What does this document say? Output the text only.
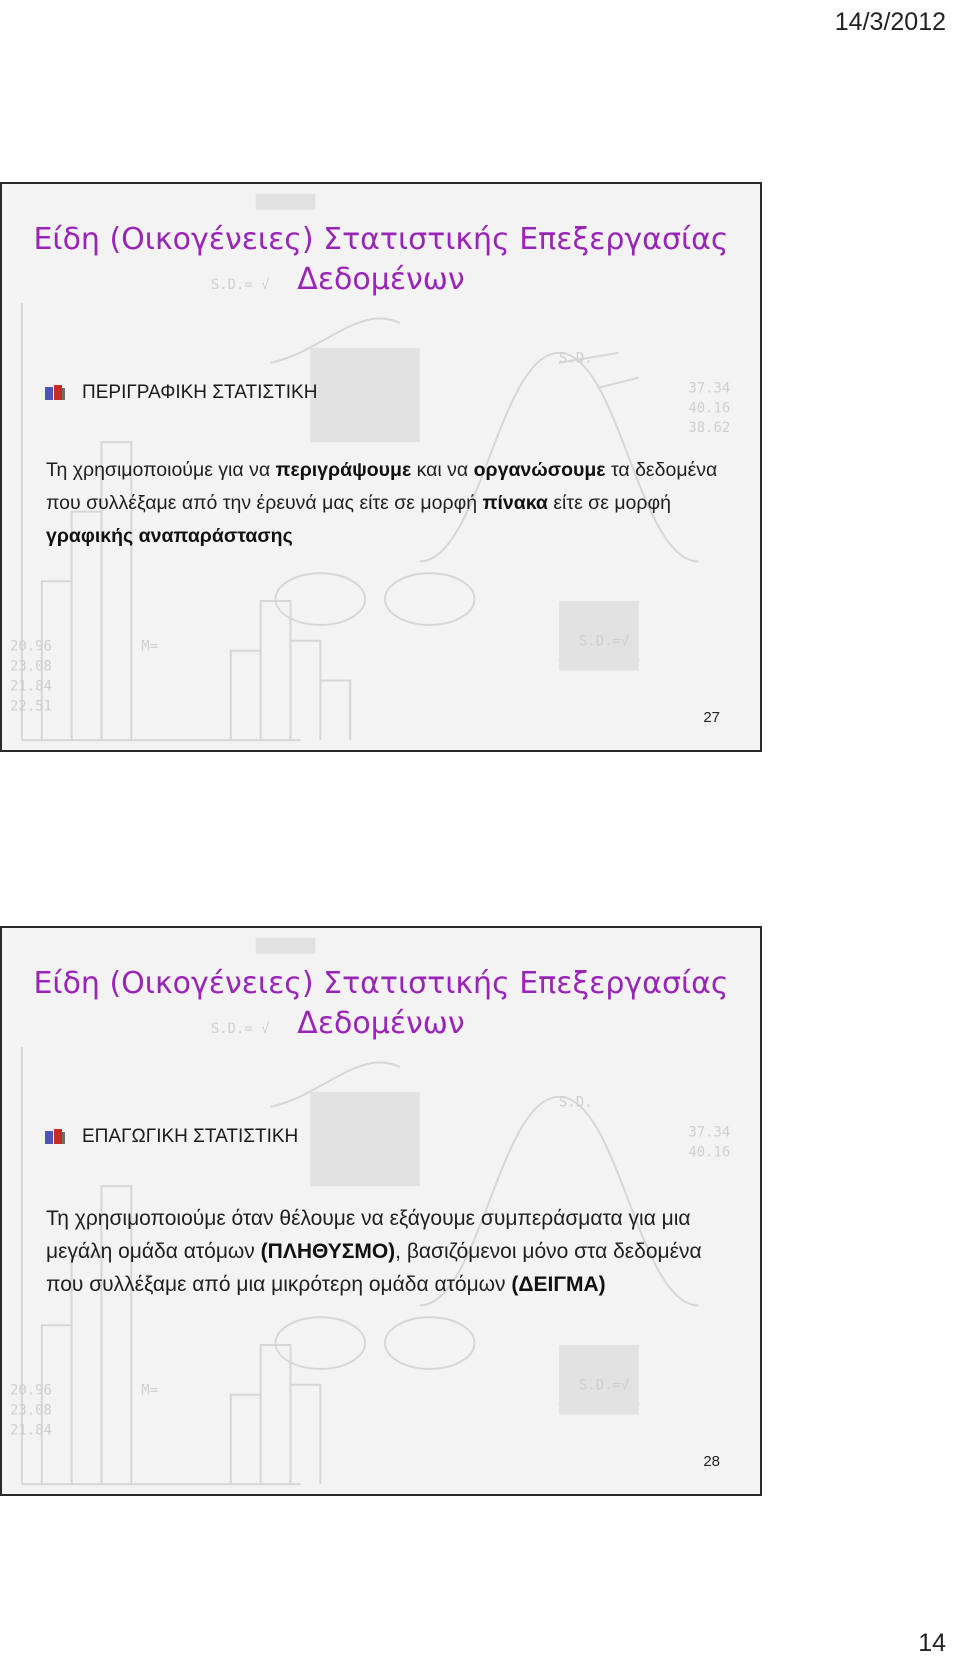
14/3/2012
S.D.= √
S.D.
M=	S.D.=√
20.96
23.08
21.84
22.51
37.34
40.16
38.62
Είδη (Οικογένειες) Στατιστικής Επεξεργασίας
Δεδομένων
ΠΕΡΙΓΡΑΦΙΚΗ ΣΤΑΤΙΣΤΙΚΗ
Τη χρησιμοποιούμε για να περιγράψουμε και να οργανώσουμε τα δεδομένα που συλλέξαμε από την έρευνά μας είτε σε μορφή πίνακα είτε σε μορφή γραφικής αναπαράστασης
27
S.D.= √
S.D.
M=	S.D.=√
20.96
23.08
21.84
37.34
40.16
Είδη (Οικογένειες) Στατιστικής Επεξεργασίας
Δεδομένων
ΕΠΑΓΩΓΙΚΗ ΣΤΑΤΙΣΤΙΚΗ
Τη χρησιμοποιούμε όταν θέλουμε να εξάγουμε συμπεράσματα για μια μεγάλη ομάδα ατόμων (ΠΛΗΘΥΣΜΟ), βασιζόμενοι μόνο στα δεδομένα που συλλέξαμε από μια μικρότερη ομάδα ατόμων (ΔΕΙΓΜΑ)
28
14
